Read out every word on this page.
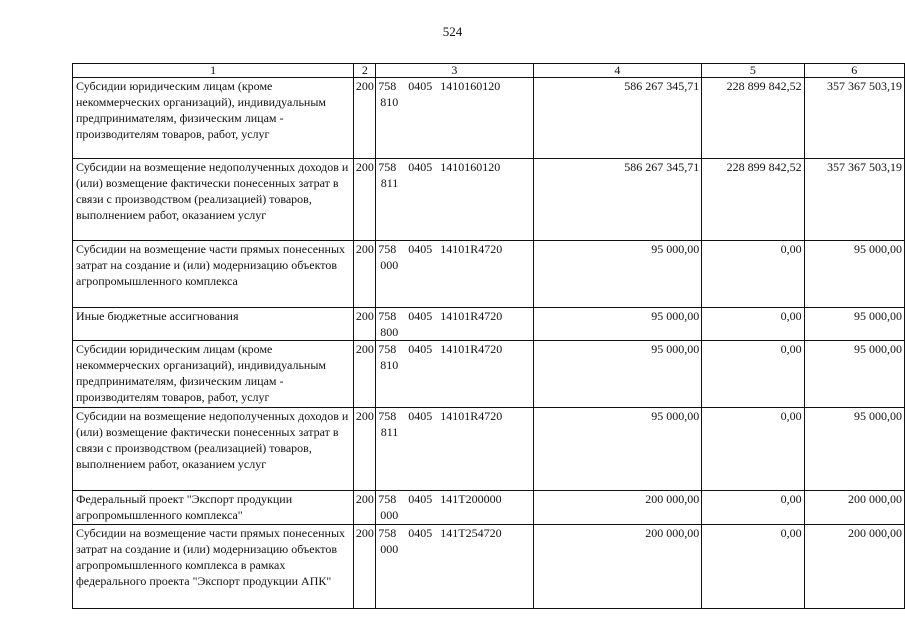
524
1	2	3	4	5	6
Субсидии юридическим лицам (кроме некоммерческих организаций), индивидуальным предпринимателям, физическим лицам - производителям товаров, работ, услуг	200	758 0405 1410160120810	586 267 345,71	228 899 842,52	357 367 503,19
Субсидии на возмещение недополученных доходов и (или) возмещение фактически понесенных затрат в связи с производством (реализацией) товаров, выполнением работ, оказанием услуг	200	758 0405 1410160120811	586 267 345,71	228 899 842,52	357 367 503,19
Субсидии на возмещение части прямых понесенных затрат на создание и (или) модернизацию объектов агропромышленного комплекса	200	758 0405 14101R4720000	95 000,00	0,00	95 000,00
Иные бюджетные ассигнования	200	758 0405 14101R4720800	95 000,00	0,00	95 000,00
Субсидии юридическим лицам (кроме некоммерческих организаций), индивидуальным предпринимателям, физическим лицам - производителям товаров, работ, услуг	200	758 0405 14101R4720810	95 000,00	0,00	95 000,00
Субсидии на возмещение недополученных доходов и (или) возмещение фактически понесенных затрат в связи с производством (реализацией) товаров, выполнением работ, оказанием услуг	200	758 0405 14101R4720811	95 000,00	0,00	95 000,00
Федеральный проект "Экспорт продукции агропромышленного комплекса"	200	758 0405 141T200000000	200 000,00	0,00	200 000,00
Субсидии на возмещение части прямых понесенных затрат на создание и (или) модернизацию объектов агропромышленного комплекса в рамках федерального проекта "Экспорт продукции АПК"	200	758 0405 141T254720000	200 000,00	0,00	200 000,00
